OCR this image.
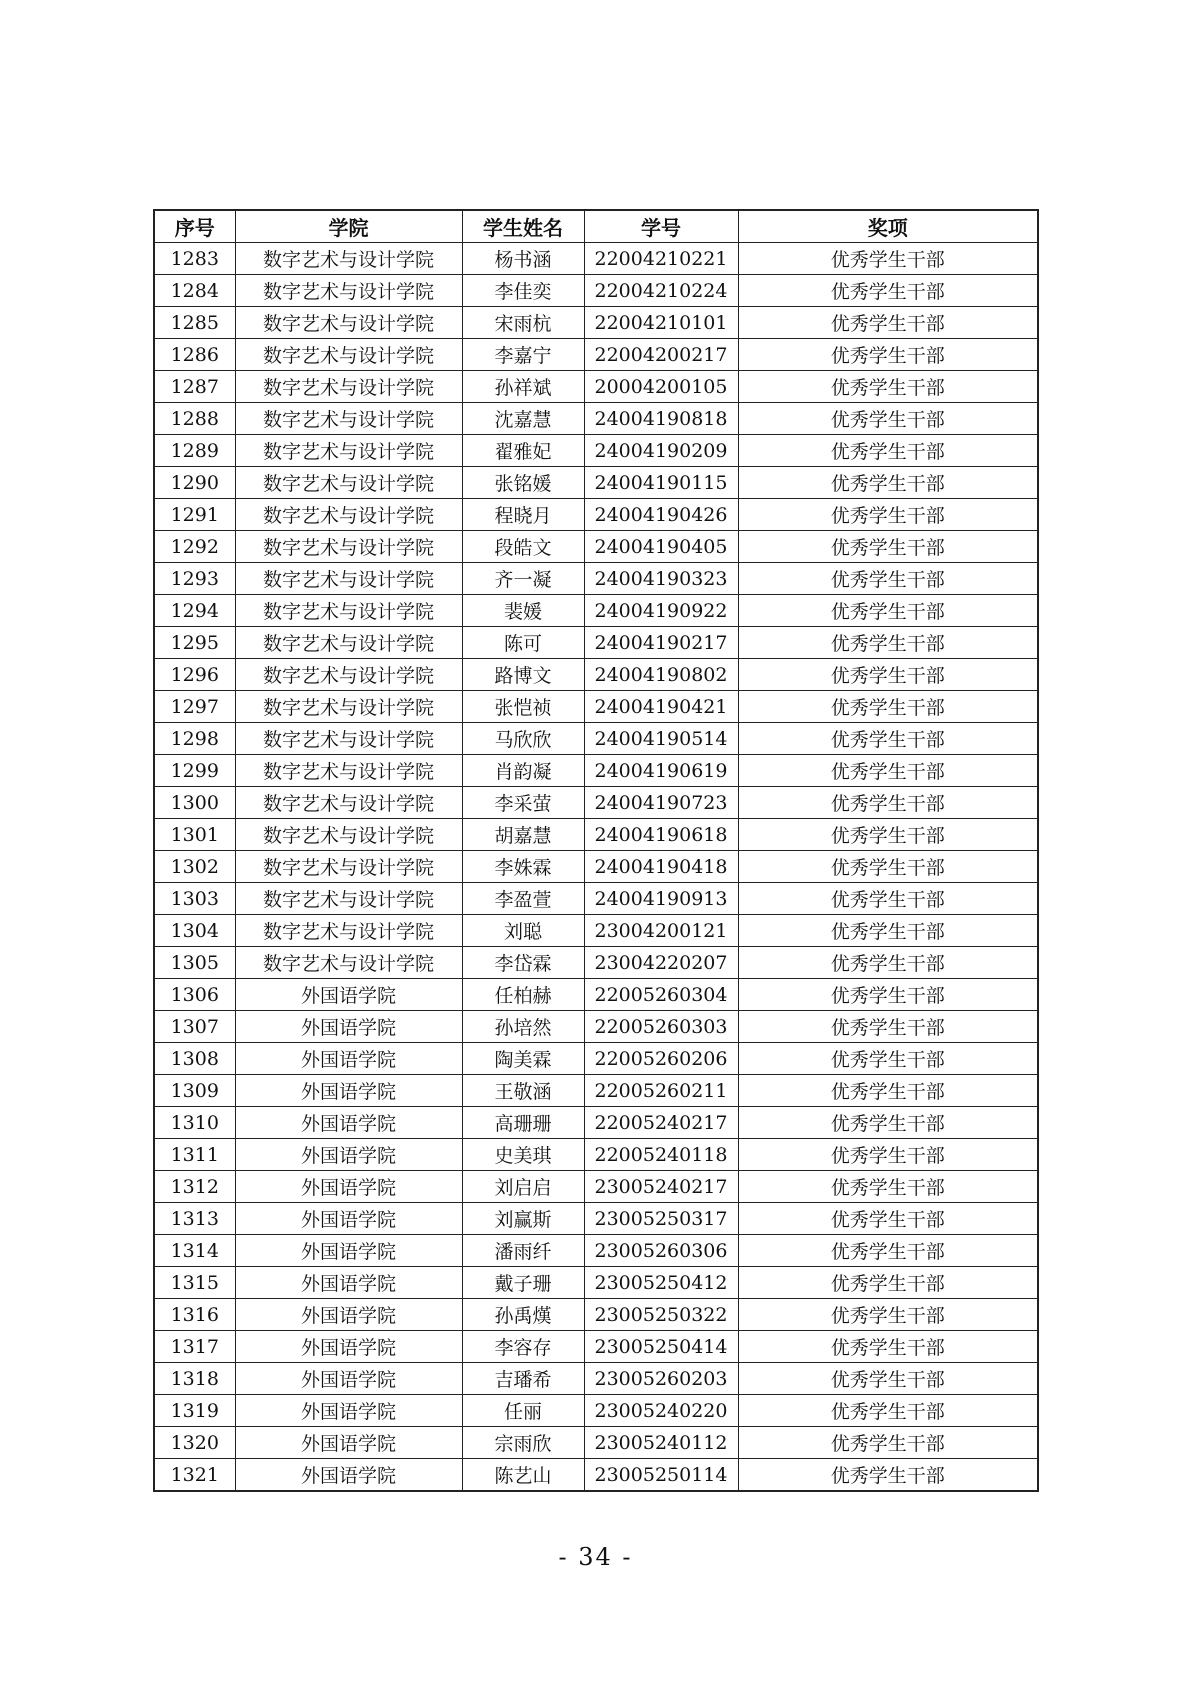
序号	学院	学生姓名	学号	奖项
1283	数字艺术与设计学院	杨书涵	22004210221	优秀学生干部
1284	数字艺术与设计学院	李佳奕	22004210224	优秀学生干部
1285	数字艺术与设计学院	宋雨杭	22004210101	优秀学生干部
1286	数字艺术与设计学院	李嘉宁	22004200217	优秀学生干部
1287	数字艺术与设计学院	孙祥斌	20004200105	优秀学生干部
1288	数字艺术与设计学院	沈嘉慧	24004190818	优秀学生干部
1289	数字艺术与设计学院	翟雅妃	24004190209	优秀学生干部
1290	数字艺术与设计学院	张铭媛	24004190115	优秀学生干部
1291	数字艺术与设计学院	程晓月	24004190426	优秀学生干部
1292	数字艺术与设计学院	段皓文	24004190405	优秀学生干部
1293	数字艺术与设计学院	齐一凝	24004190323	优秀学生干部
1294	数字艺术与设计学院	裴媛	24004190922	优秀学生干部
1295	数字艺术与设计学院	陈可	24004190217	优秀学生干部
1296	数字艺术与设计学院	路博文	24004190802	优秀学生干部
1297	数字艺术与设计学院	张恺祯	24004190421	优秀学生干部
1298	数字艺术与设计学院	马欣欣	24004190514	优秀学生干部
1299	数字艺术与设计学院	肖韵凝	24004190619	优秀学生干部
1300	数字艺术与设计学院	李采萤	24004190723	优秀学生干部
1301	数字艺术与设计学院	胡嘉慧	24004190618	优秀学生干部
1302	数字艺术与设计学院	李姝霖	24004190418	优秀学生干部
1303	数字艺术与设计学院	李盈萱	24004190913	优秀学生干部
1304	数字艺术与设计学院	刘聪	23004200121	优秀学生干部
1305	数字艺术与设计学院	李岱霖	23004220207	优秀学生干部
1306	外国语学院	任柏赫	22005260304	优秀学生干部
1307	外国语学院	孙培然	22005260303	优秀学生干部
1308	外国语学院	陶美霖	22005260206	优秀学生干部
1309	外国语学院	王敬涵	22005260211	优秀学生干部
1310	外国语学院	高珊珊	22005240217	优秀学生干部
1311	外国语学院	史美琪	22005240118	优秀学生干部
1312	外国语学院	刘启启	23005240217	优秀学生干部
1313	外国语学院	刘赢斯	23005250317	优秀学生干部
1314	外国语学院	潘雨纤	23005260306	优秀学生干部
1315	外国语学院	戴子珊	23005250412	优秀学生干部
1316	外国语学院	孙禹熯	23005250322	优秀学生干部
1317	外国语学院	李容存	23005250414	优秀学生干部
1318	外国语学院	吉璠希	23005260203	优秀学生干部
1319	外国语学院	任丽	23005240220	优秀学生干部
1320	外国语学院	宗雨欣	23005240112	优秀学生干部
1321	外国语学院	陈艺山	23005250114	优秀学生干部
- 34 -
